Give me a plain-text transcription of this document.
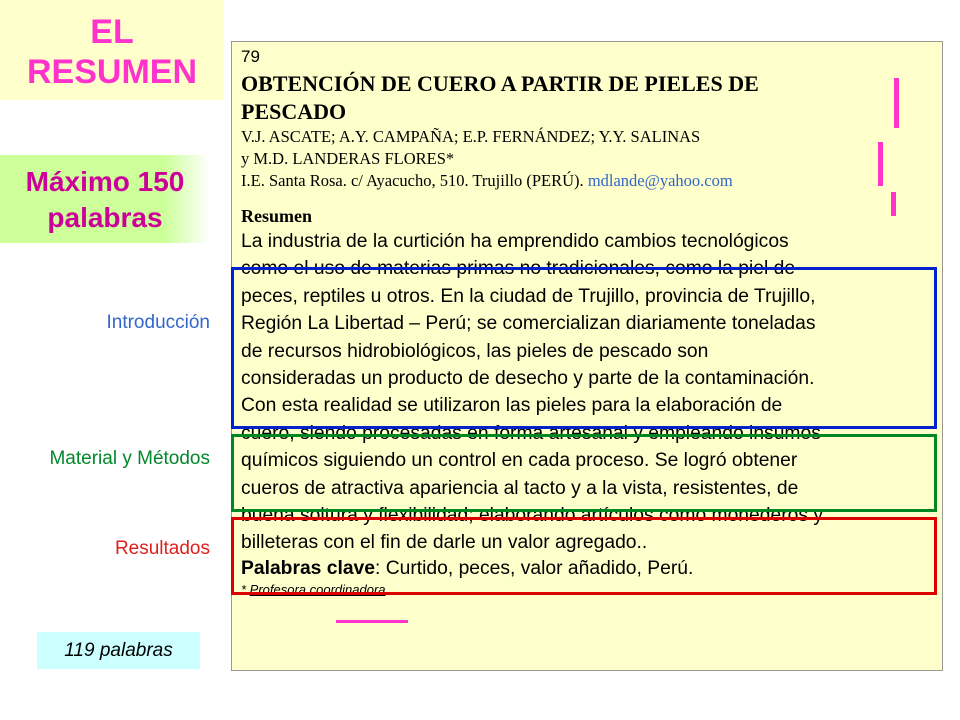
EL
RESUMEN
Máximo 150
palabras
Introducción
Material y Métodos
Resultados
119 palabras
79
OBTENCIÓN DE CUERO A PARTIR DE PIELES DE
PESCADO
V.J. ASCATE; A.Y. CAMPAÑA; E.P. FERNÁNDEZ; Y.Y. SALINAS
y M.D. LANDERAS FLORES*
I.E. Santa Rosa. c/ Ayacucho, 510. Trujillo (PERÚ). mdlande@yahoo.com
Resumen
La industria de la curtición ha emprendido cambios tecnológicos
como el uso de materias primas no tradicionales, como la piel de
peces, reptiles u otros. En la ciudad de Trujillo, provincia de Trujillo,
Región La Libertad – Perú; se comercializan diariamente toneladas
de recursos hidrobiológicos, las pieles de pescado son
consideradas un producto de desecho y parte de la contaminación.
Con esta realidad se utilizaron las pieles para la elaboración de
cuero, siendo procesadas en forma artesanal y empleando insumos
químicos siguiendo un control en cada proceso. Se logró obtener
cueros de atractiva apariencia al tacto y a la vista, resistentes, de
buena soltura y flexibilidad; elaborando artículos como monederos y
billeteras con el fin de darle un valor agregado..
Palabras clave: Curtido, peces, valor añadido, Perú.
* Profesora coordinadora
